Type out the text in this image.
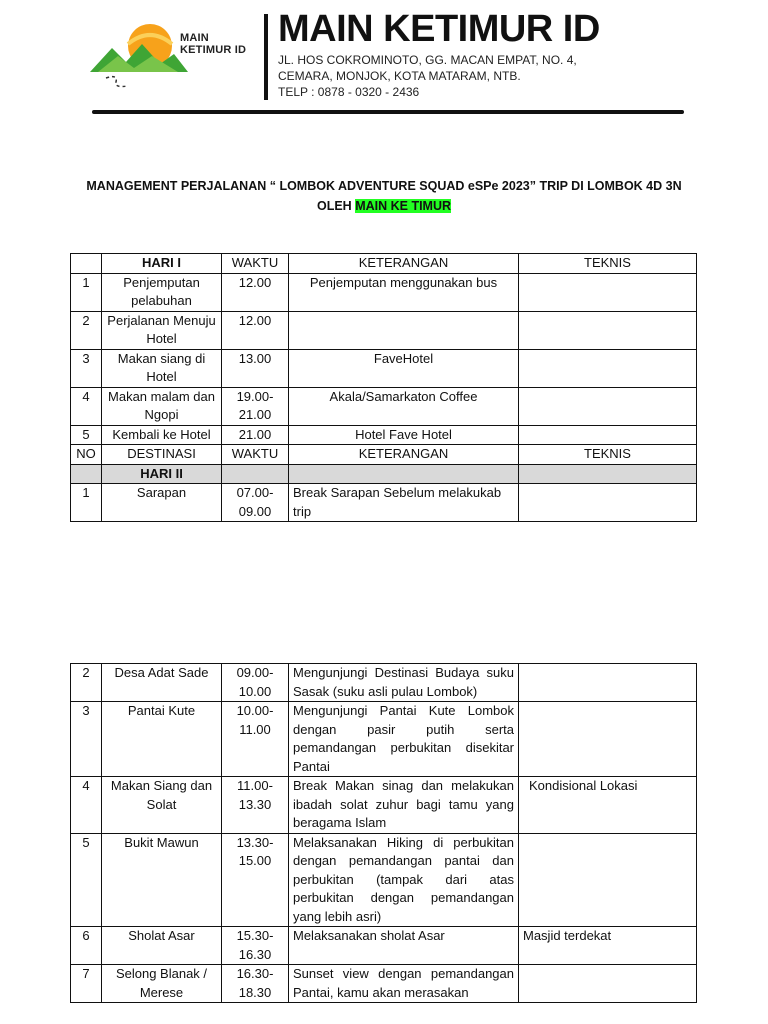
MAIN
KETIMUR ID MAIN KETIMUR ID
JL. HOS COKROMINOTO, GG. MACAN EMPAT, NO. 4,
CEMARA, MONJOK, KOTA MATARAM, NTB.
TELP : 0878 - 0320 - 2436
MANAGEMENT PERJALANAN “ LOMBOK ADVENTURE SQUAD eSPe 2023” TRIP DI LOMBOK 4D 3N
OLEH MAIN KE TIMUR
	HARI I	WAKTU	KETERANGAN	TEKNIS
1	Penjemputan pelabuhan	12.00	Penjemputan menggunakan bus	
2	Perjalanan Menuju Hotel	12.00		
3	Makan siang di Hotel	13.00	FaveHotel	
4	Makan malam dan Ngopi	19.00-21.00	Akala/Samarkaton Coffee	
5	Kembali ke Hotel	21.00	Hotel Fave Hotel	
NO	DESTINASI	WAKTU	KETERANGAN	TEKNIS
	HARI II			
1	Sarapan	07.00-09.00	Break Sarapan Sebelum melakukab trip	
2	Desa Adat Sade	09.00-10.00	Mengunjungi Destinasi Budaya suku Sasak (suku asli pulau Lombok)	
3	Pantai Kute	10.00-11.00	Mengunjungi Pantai Kute Lombok dengan pasir putih serta pemandangan perbukitan disekitar Pantai	
4	Makan Siang dan Solat	11.00-13.30	Break Makan sinag dan melakukan ibadah solat zuhur bagi tamu yang beragama Islam	Kondisional Lokasi
5	Bukit Mawun	13.30-15.00	Melaksanakan Hiking di perbukitan dengan pemandangan pantai dan perbukitan (tampak dari atas perbukitan dengan pemandangan yang lebih asri)	
6	Sholat Asar	15.30-16.30	Melaksanakan sholat Asar	Masjid terdekat
7	Selong Blanak / Merese	16.30-18.30	Sunset view dengan pemandangan Pantai, kamu akan merasakan	
